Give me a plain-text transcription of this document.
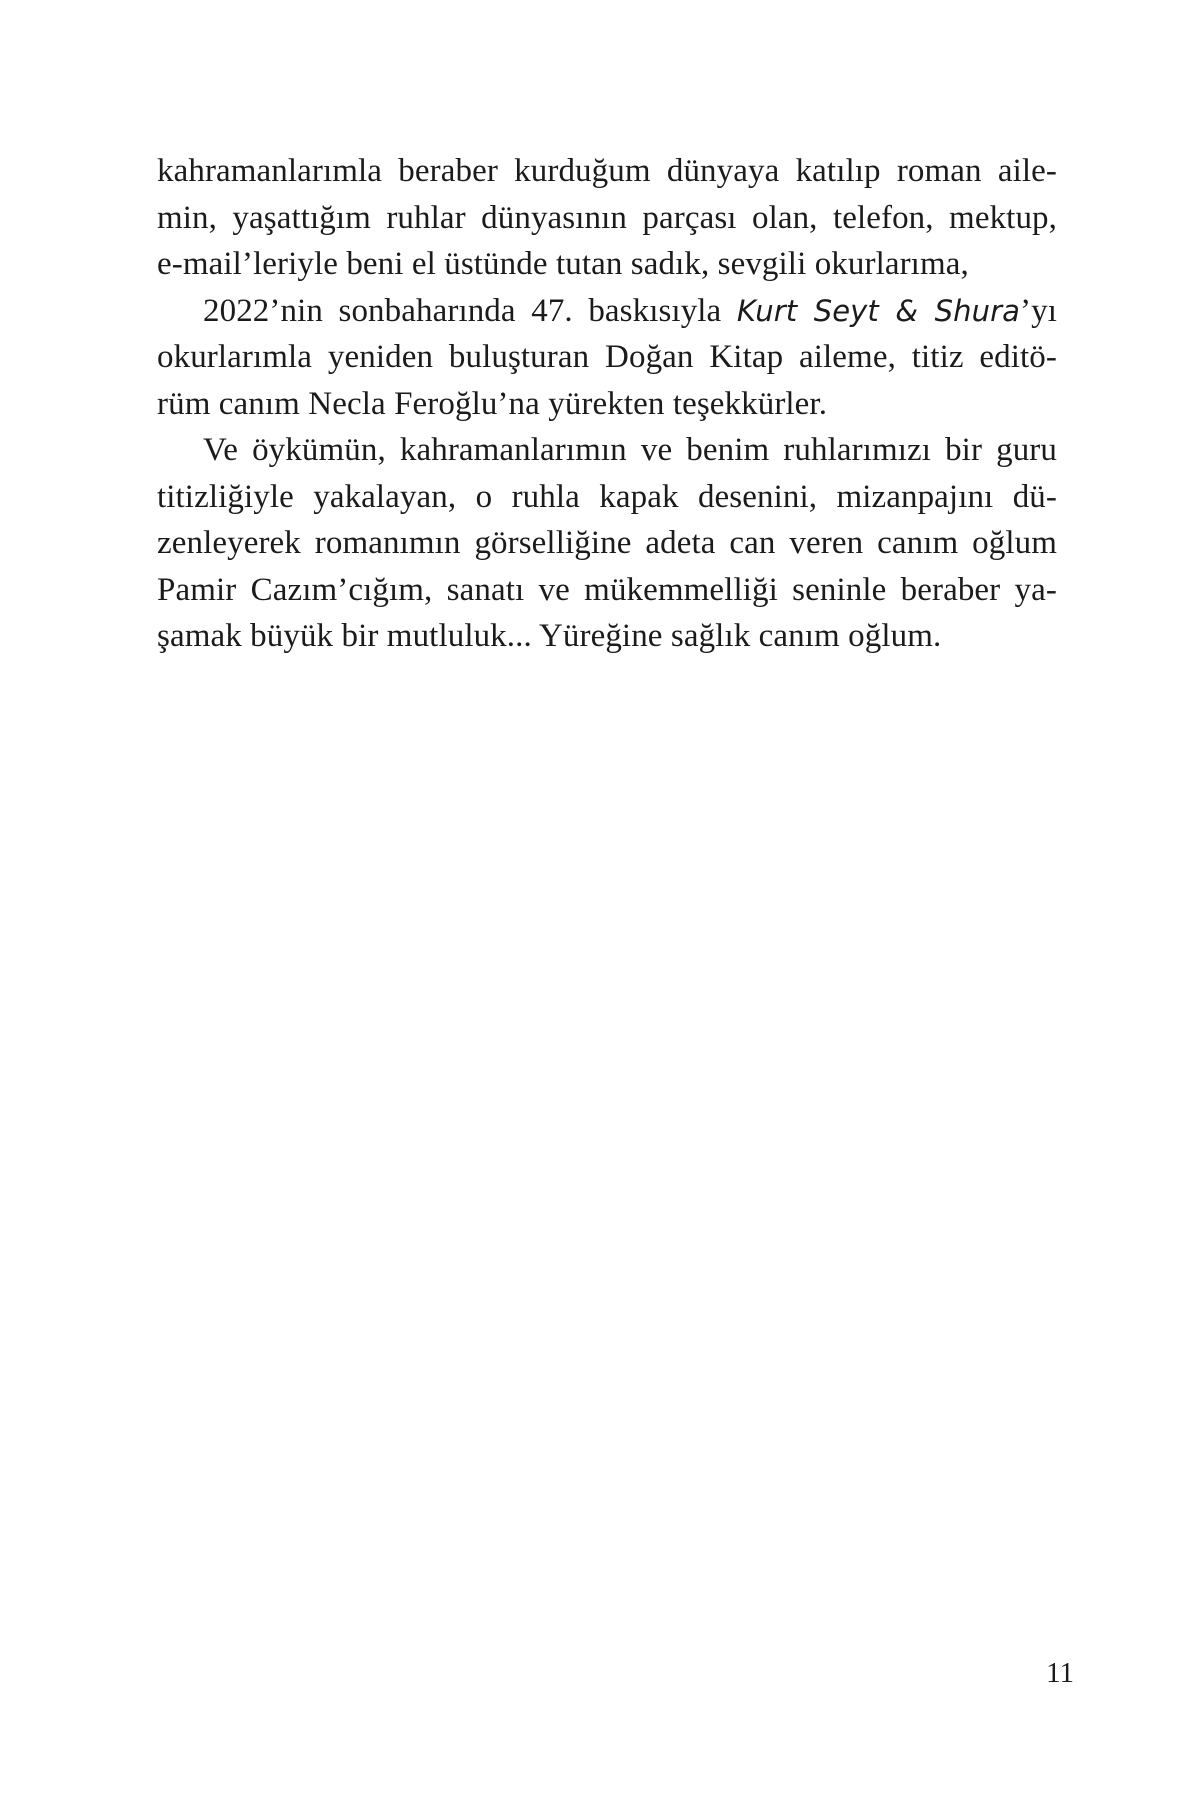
kahramanlarımla beraber kurduğum dünyaya katılıp roman aile-
min, yaşattığım ruhlar dünyasının parçası olan, telefon, mektup,
e-mail’leriyle beni el üstünde tutan sadık, sevgili okurlarıma,
2022’nin sonbaharında 47. baskısıyla Kurt Seyt & Shura’yı
okurlarımla yeniden buluşturan Doğan Kitap aileme, titiz editö-
rüm canım Necla Feroğlu’na yürekten teşekkürler.
Ve öykümün, kahramanlarımın ve benim ruhlarımızı bir guru
titizliğiyle yakalayan, o ruhla kapak desenini, mizanpajını dü-
zenleyerek romanımın görselliğine adeta can veren canım oğlum
Pamir Cazım’cığım, sanatı ve mükemmelliği seninle beraber ya-
şamak büyük bir mutluluk... Yüreğine sağlık canım oğlum.
11
